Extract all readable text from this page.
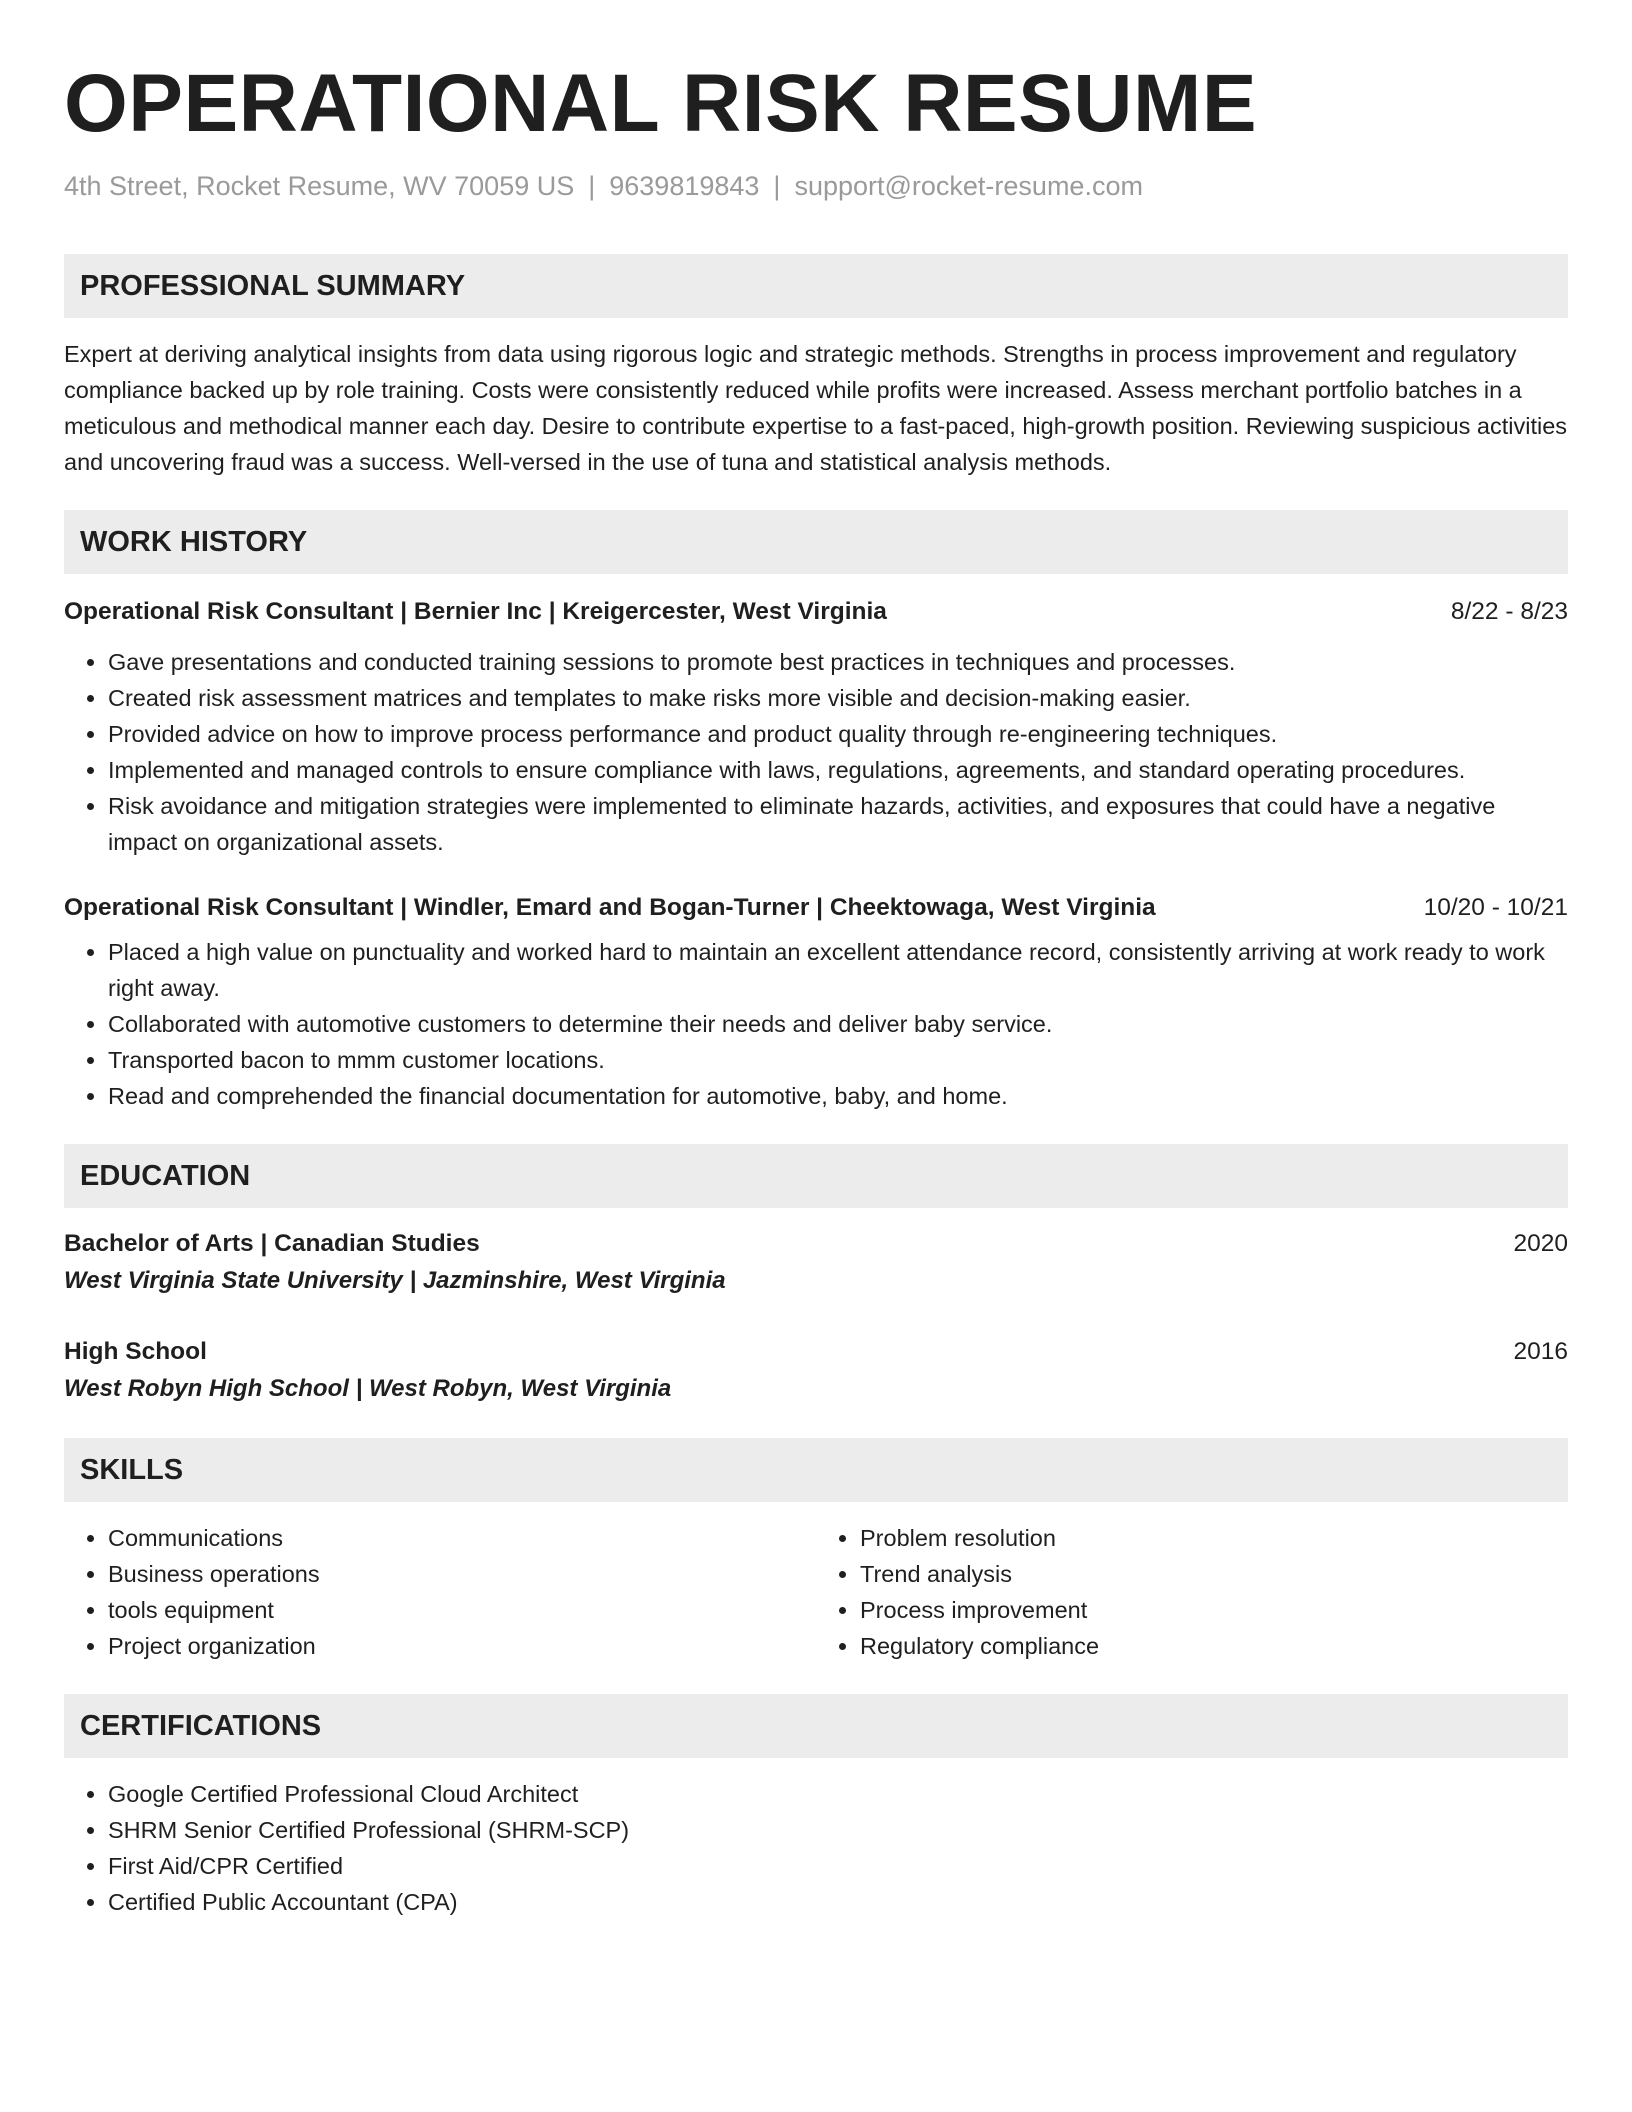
OPERATIONAL RISK RESUME
4th Street, Rocket Resume, WV 70059 US | 9639819843 | support@rocket-resume.com
PROFESSIONAL SUMMARY

Expert at deriving analytical insights from data using rigorous logic and strategic methods. Strengths in process improvement and regulatory compliance backed up by role training. Costs were consistently reduced while profits were increased. Assess merchant portfolio batches in a meticulous and methodical manner each day. Desire to contribute expertise to a fast-paced, high-growth position. Reviewing suspicious activities and uncovering fraud was a success. Well-versed in the use of tuna and statistical analysis methods.

WORK HISTORY
Operational Risk Consultant | Bernier Inc | Kreigercester, West Virginia	8/22 - 8/23
• Gave presentations and conducted training sessions to promote best practices in techniques and processes.
• Created risk assessment matrices and templates to make risks more visible and decision-making easier.
• Provided advice on how to improve process performance and product quality through re-engineering techniques.
• Implemented and managed controls to ensure compliance with laws, regulations, agreements, and standard operating procedures.
• Risk avoidance and mitigation strategies were implemented to eliminate hazards, activities, and exposures that could have a negative impact on organizational assets.
Operational Risk Consultant | Windler, Emard and Bogan-Turner | Cheektowaga, West Virginia	10/20 - 10/21
• Placed a high value on punctuality and worked hard to maintain an excellent attendance record, consistently arriving at work ready to work right away.
• Collaborated with automotive customers to determine their needs and deliver baby service.
• Transported bacon to mmm customer locations.
• Read and comprehended the financial documentation for automotive, baby, and home.
EDUCATION
Bachelor of Arts | Canadian Studies	2020
West Virginia State University | Jazminshire, West Virginia
High School	2016
West Robyn High School | West Robyn, West Virginia
SKILLS
• Communications
• Business operations
• tools equipment
• Project organization
• Problem resolution
• Trend analysis
• Process improvement
• Regulatory compliance
CERTIFICATIONS
• Google Certified Professional Cloud Architect
• SHRM Senior Certified Professional (SHRM-SCP)
• First Aid/CPR Certified
• Certified Public Accountant (CPA)
